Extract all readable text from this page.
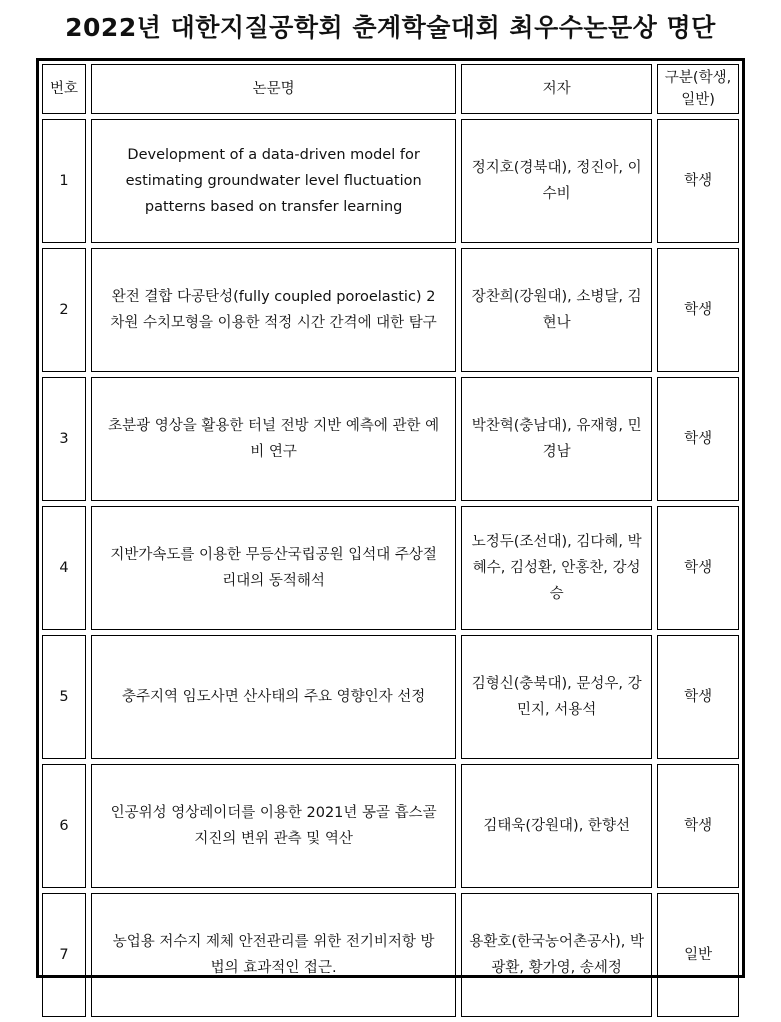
2022년 대한지질공학회 춘계학술대회 최우수논문상 명단
번호	논문명	저자	구분(학생, 일반)
1	Development of a data-driven model for estimating groundwater level fluctuation patterns based on transfer learning	정지호(경북대), 정진아, 이수비	학생
2	완전 결합 다공탄성(fully coupled poroelastic) 2차원 수치모형을 이용한 적정 시간 간격에 대한 탐구	장찬희(강원대), 소병달, 김현나	학생
3	초분광 영상을 활용한 터널 전방 지반 예측에 관한 예비 연구	박찬혁(충남대), 유재형, 민경남	학생
4	지반가속도를 이용한 무등산국립공원 입석대 주상절리대의 동적해석	노정두(조선대), 김다혜, 박혜수, 김성환, 안홍찬, 강성승	학생
5	충주지역 임도사면 산사태의 주요 영향인자 선정	김형신(충북대), 문성우, 강민지, 서용석	학생
6	인공위성 영상레이더를 이용한 2021년 몽골 흡스골 지진의 변위 관측 및 역산	김태욱(강원대), 한향선	학생
7	농업용 저수지 제체 안전관리를 위한 전기비저항 방법의 효과적인 접근.	용환호(한국농어촌공사), 박광환, 황가영, 송세정	일반
